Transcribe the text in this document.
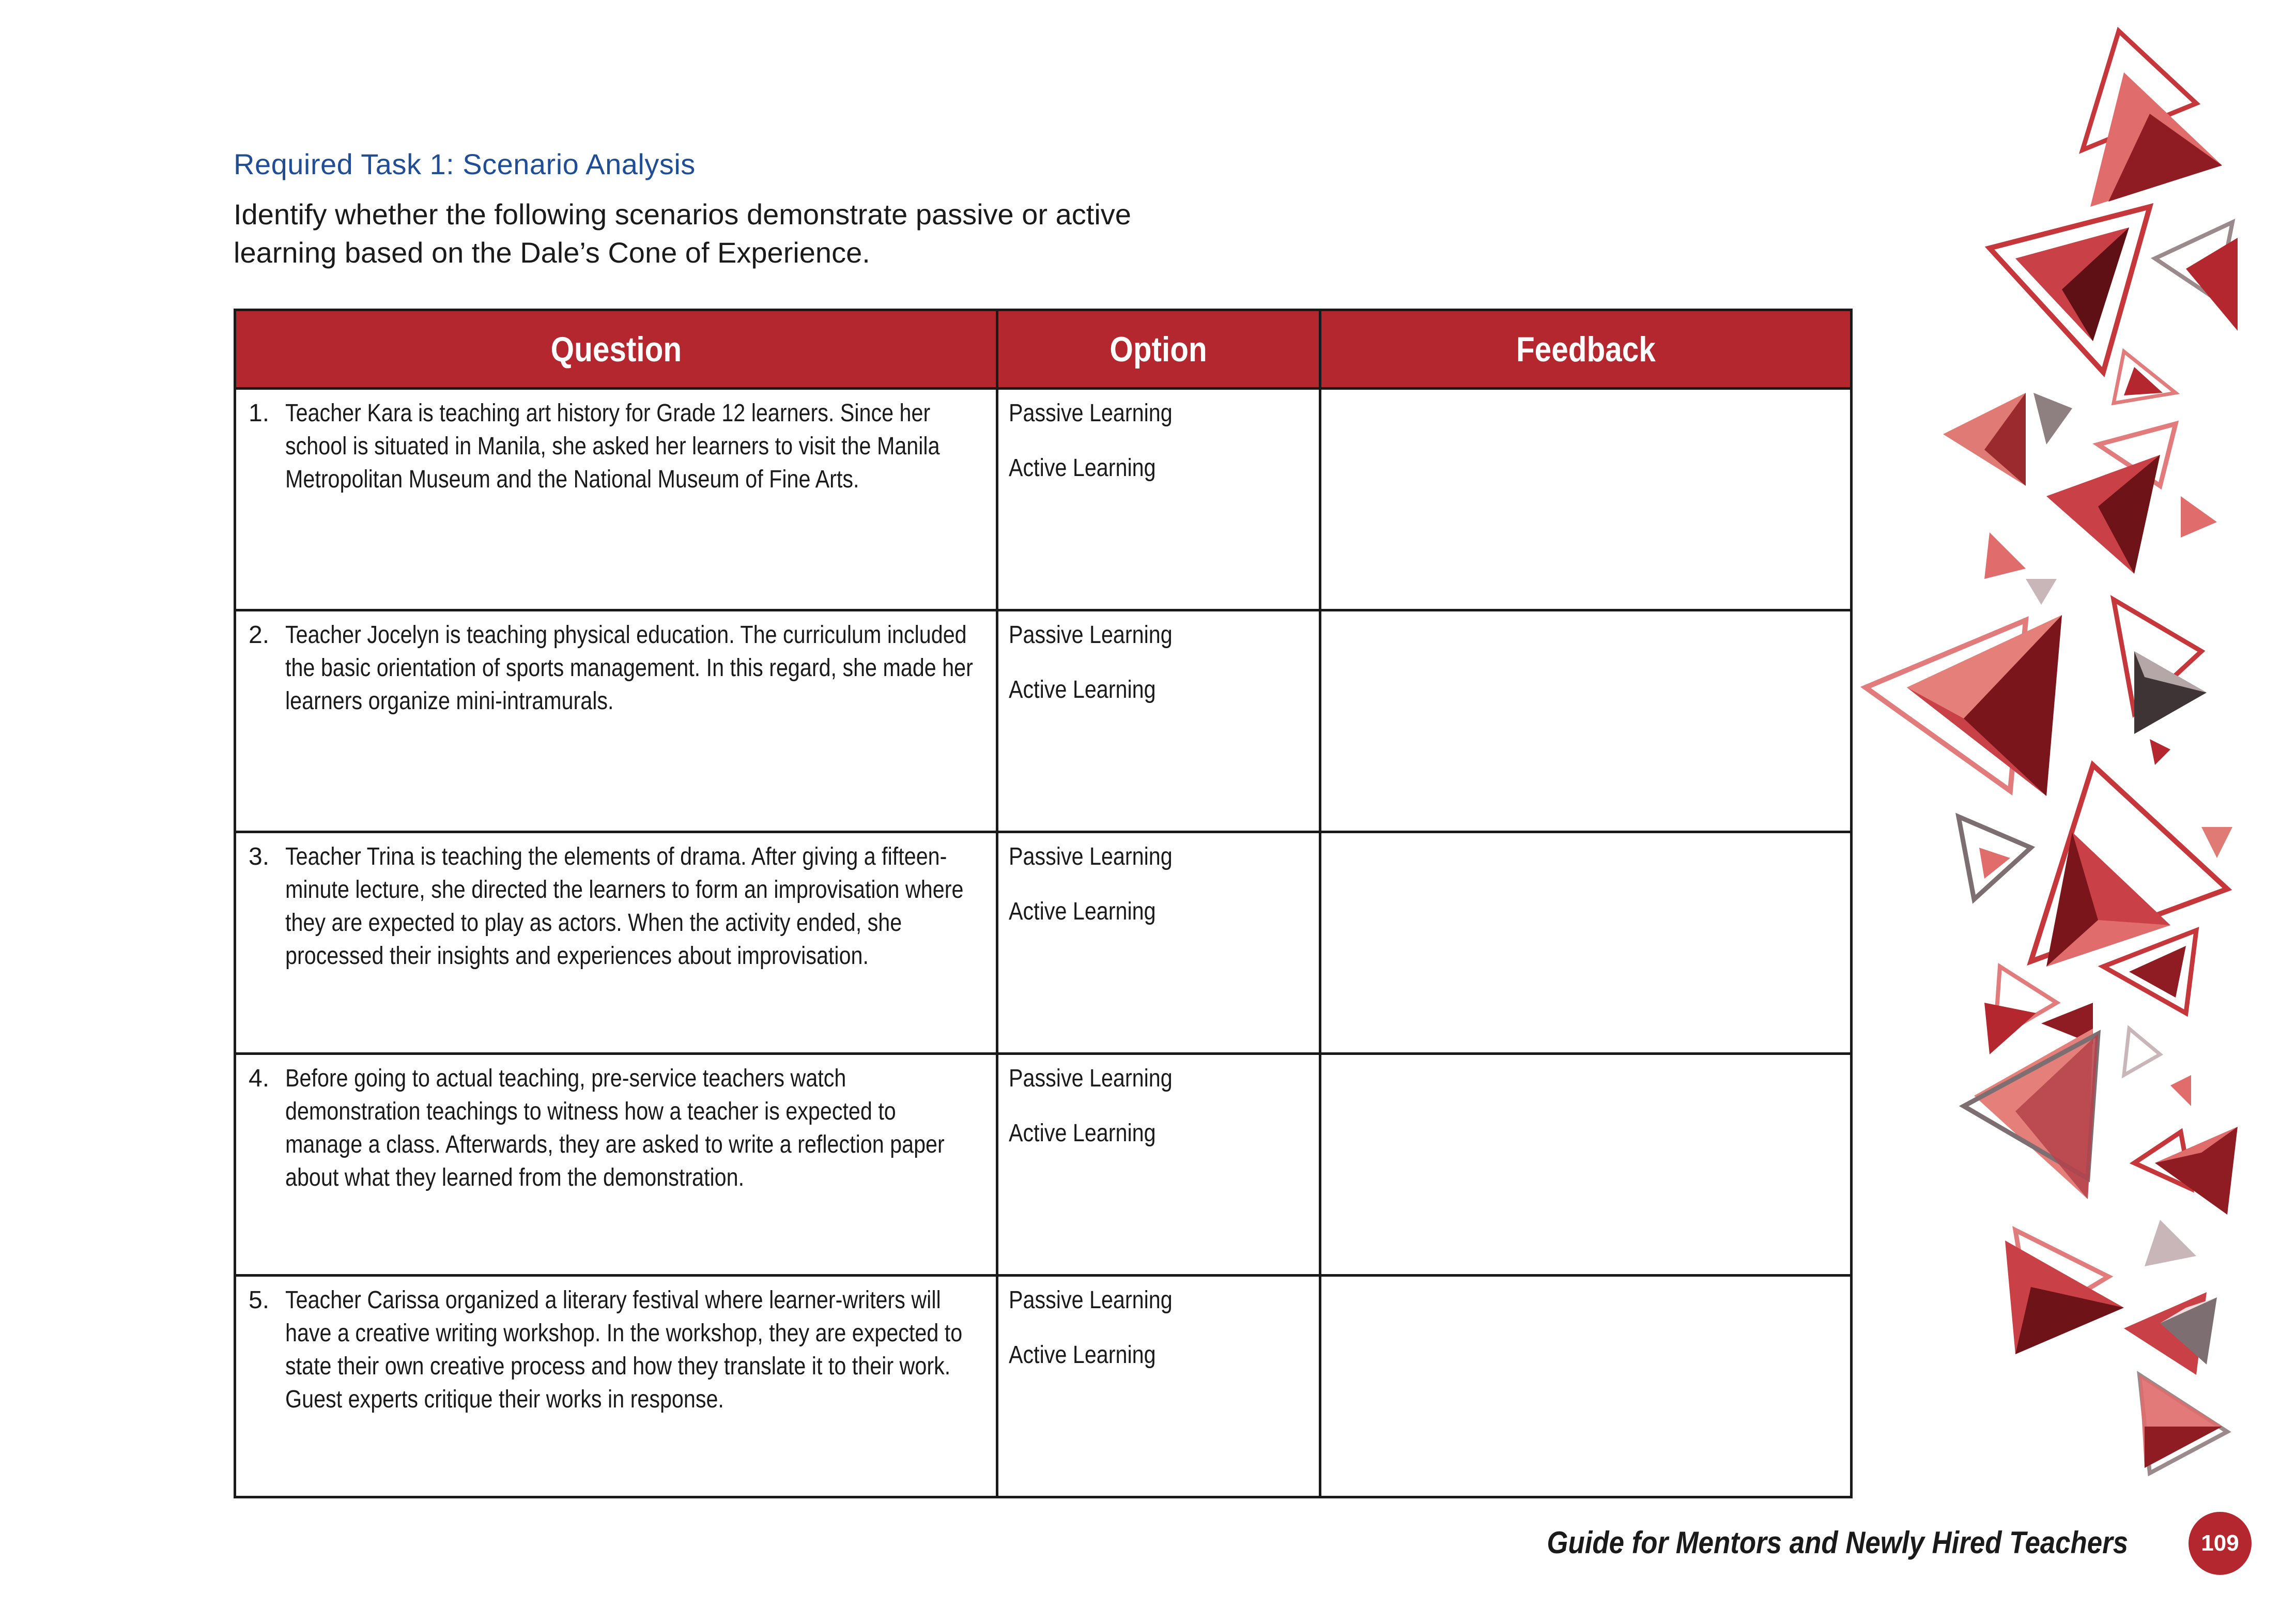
Required Task 1: Scenario Analysis
Identify whether the following scenarios demonstrate passive or active learning based on the Dale’s Cone of Experience.
Question	Option	Feedback

1. Teacher Kara is teaching art history for Grade 12 learners. Since her school is situated in Manila, she asked her learners to visit the Manila Metropolitan Museum and the National Museum of Fine Arts.	Passive Learning
Active Learning	

2. Teacher Jocelyn is teaching physical education. The curriculum included the basic orientation of sports management. In this regard, she made her learners organize mini-intramurals.	Passive Learning
Active Learning	

3. Teacher Trina is teaching the elements of drama. After giving a fifteen-minute lecture, she directed the learners to form an improvisation where they are expected to play as actors. When the activity ended, she processed their insights and experiences about improvisation.	Passive Learning
Active Learning	

4. Before going to actual teaching, pre-service teachers watch demonstration teachings to witness how a teacher is expected to manage a class. Afterwards, they are asked to write a reflection paper about what they learned from the demonstration.	Passive Learning
Active Learning	

5. Teacher Carissa organized a literary festival where learner-writers will have a creative writing workshop. In the workshop, they are expected to state their own creative process and how they translate it to their work. Guest experts critique their works in response.	Passive Learning
Active Learning	

Guide for Mentors and Newly Hired Teachers	109
